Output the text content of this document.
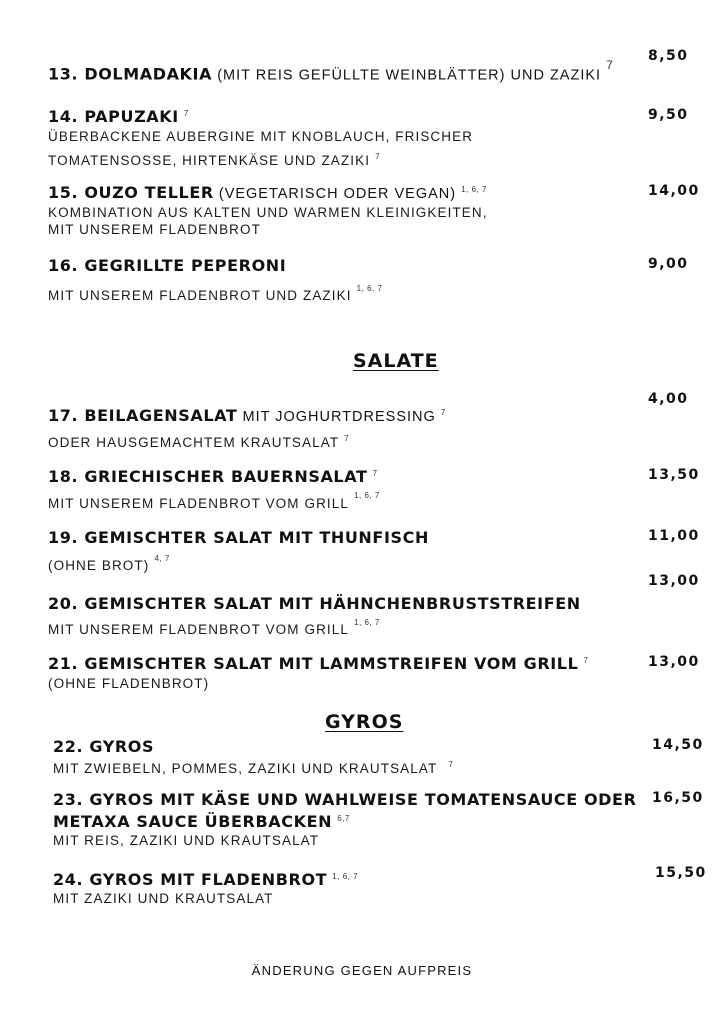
8,50
13. DOLMADAKIA (MIT REIS GEFÜLLTE WEINBLÄTTER) UND ZAZIKI $^7$
9,50
14. PAPUZAKI $^7$
ÜBERBACKENE AUBERGINE MIT KNOBLAUCH, FRISCHER
TOMATENSOSSE, HIRTENKÄSE UND ZAZIKI $^7$
14,00
15. OUZO TELLER (VEGETARISCH ODER VEGAN) $^{1, 6, 7}$
KOMBINATION AUS KALTEN UND WARMEN KLEINIGKEITEN,
MIT UNSEREM FLADENBROT
9,00
16. GEGRILLTE PEPERONI
MIT UNSEREM FLADENBROT UND ZAZIKI $^{1, 6, 7}$
SALATE
4,00
17. BEILAGENSALAT MIT JOGHURTDRESSING $^7$
ODER HAUSGEMACHTEM KRAUTSALAT $^7$
13,50
18. GRIECHISCHER BAUERNSALAT $^7$
MIT UNSEREM FLADENBROT VOM GRILL $^{1, 6, 7}$
11,00
19. GEMISCHTER SALAT MIT THUNFISCH
(OHNE BROT) $^{4, 7}$
13,00
20. GEMISCHTER SALAT MIT HÄHNCHENBRUSTSTREIFEN
MIT UNSEREM FLADENBROT VOM GRILL $^{1, 6, 7}$
13,00
21. GEMISCHTER SALAT MIT LAMMSTREIFEN VOM GRILL $^7$
(OHNE FLADENBROT)
GYROS
14,50
22. GYROS
MIT ZWIEBELN, POMMES, ZAZIKI UND KRAUTSALAT $^7$
16,50
23. GYROS MIT KÄSE UND WAHLWEISE TOMATENSAUCE ODER
METAXA SAUCE ÜBERBACKEN $^{6,7}$
MIT REIS, ZAZIKI UND KRAUTSALAT
15,50
24. GYROS MIT FLADENBROT $^{1, 6, 7}$
MIT ZAZIKI UND KRAUTSALAT
ÄNDERUNG GEGEN AUFPREIS
